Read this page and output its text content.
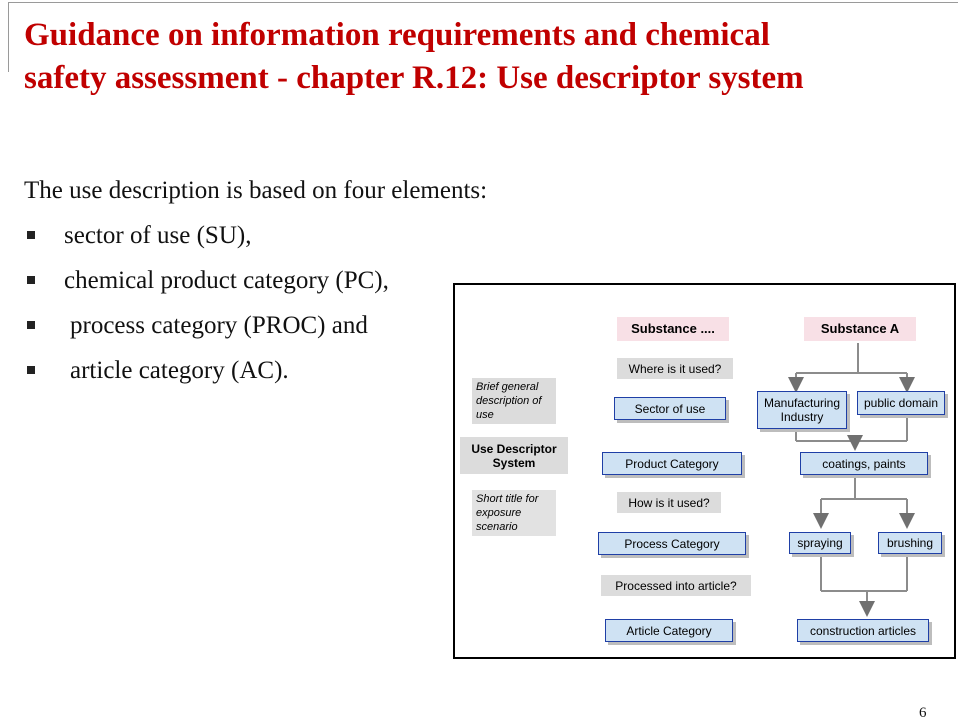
Guidance on information requirements and chemical
safety assessment - chapter R.12: Use descriptor system
The use description is based on four elements:
sector of use (SU),
chemical product category (PC),
process category (PROC) and
article category (AC).
Brief general description of use
Use Descriptor System
Short title for exposure scenario
Substance ....
Where is it used?
Sector of use
Product Category
How is it used?
Process Category
Processed into article?
Article Category
Substance A
Manufacturing Industry
public domain
coatings, paints
spraying	brushing
construction articles
6
